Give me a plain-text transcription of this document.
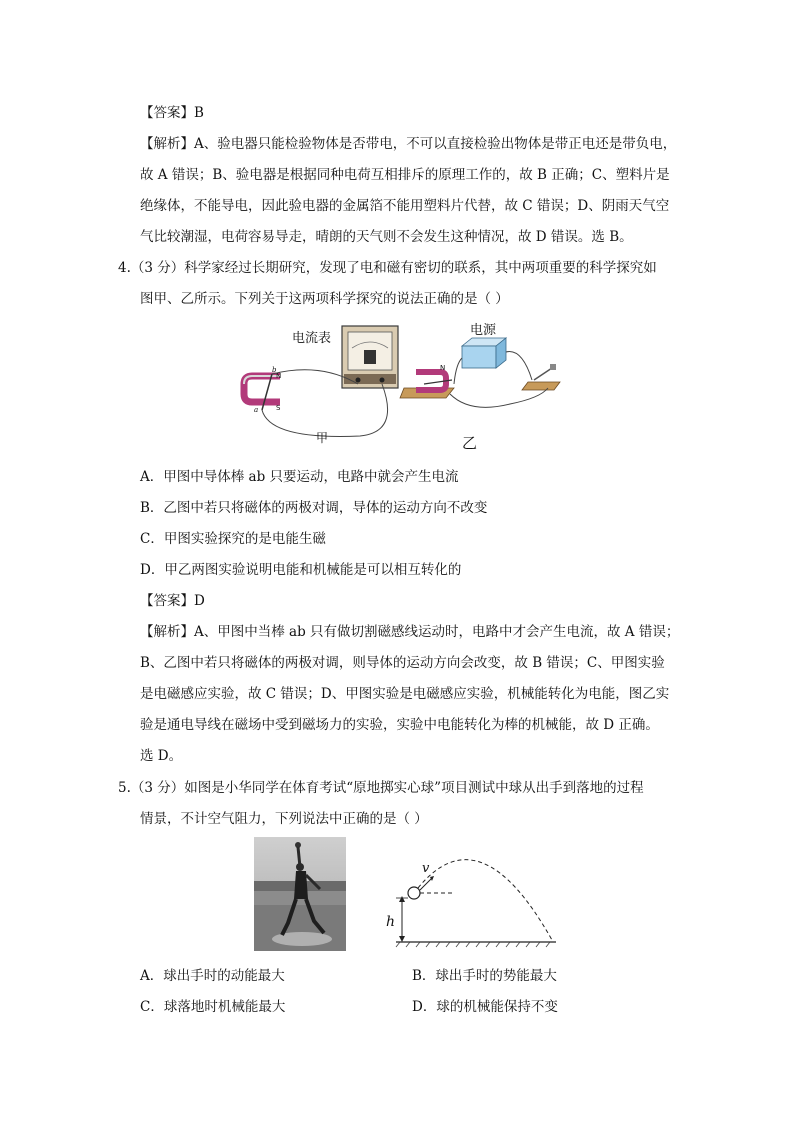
【答案】B
【解析】A、验电器只能检验物体是否带电，不可以直接检验出物体是带正电还是带负电，
故 A 错误；B、验电器是根据同种电荷互相排斥的原理工作的，故 B 正确；C、塑料片是
绝缘体，不能导电，因此验电器的金属箔不能用塑料片代替，故 C 错误；D、阴雨天气空
气比较潮湿，电荷容易导走，晴朗的天气则不会发生这种情况，故 D 错误。选 B。
4.（3 分）科学家经过长期研究，发现了电和磁有密切的联系，其中两项重要的科学探究如
图甲、乙所示。下列关于这两项科学探究的说法正确的是（ ）
电流表
N
S
a
b
甲
电源
N
乙
A．甲图中导体棒 ab 只要运动，电路中就会产生电流
B．乙图中若只将磁体的两极对调，导体的运动方向不改变
C．甲图实验探究的是电能生磁
D．甲乙两图实验说明电能和机械能是可以相互转化的
【答案】D
【解析】A、甲图中当棒 ab 只有做切割磁感线运动时，电路中才会产生电流，故 A 错误；
B、乙图中若只将磁体的两极对调，则导体的运动方向会改变，故 B 错误；C、甲图实验
是电磁感应实验，故 C 错误；D、甲图实验是电磁感应实验，机械能转化为电能，图乙实
验是通电导线在磁场中受到磁场力的实验，实验中电能转化为棒的机械能，故 D 正确。
选 D。
5.（3 分）如图是小华同学在体育考试“原地掷实心球”项目测试中球从出手到落地的过程
情景，不计空气阻力，下列说法中正确的是（ ）
h
v
A．球出手时的动能最大	B．球出手时的势能最大
C．球落地时机械能最大	D．球的机械能保持不变
